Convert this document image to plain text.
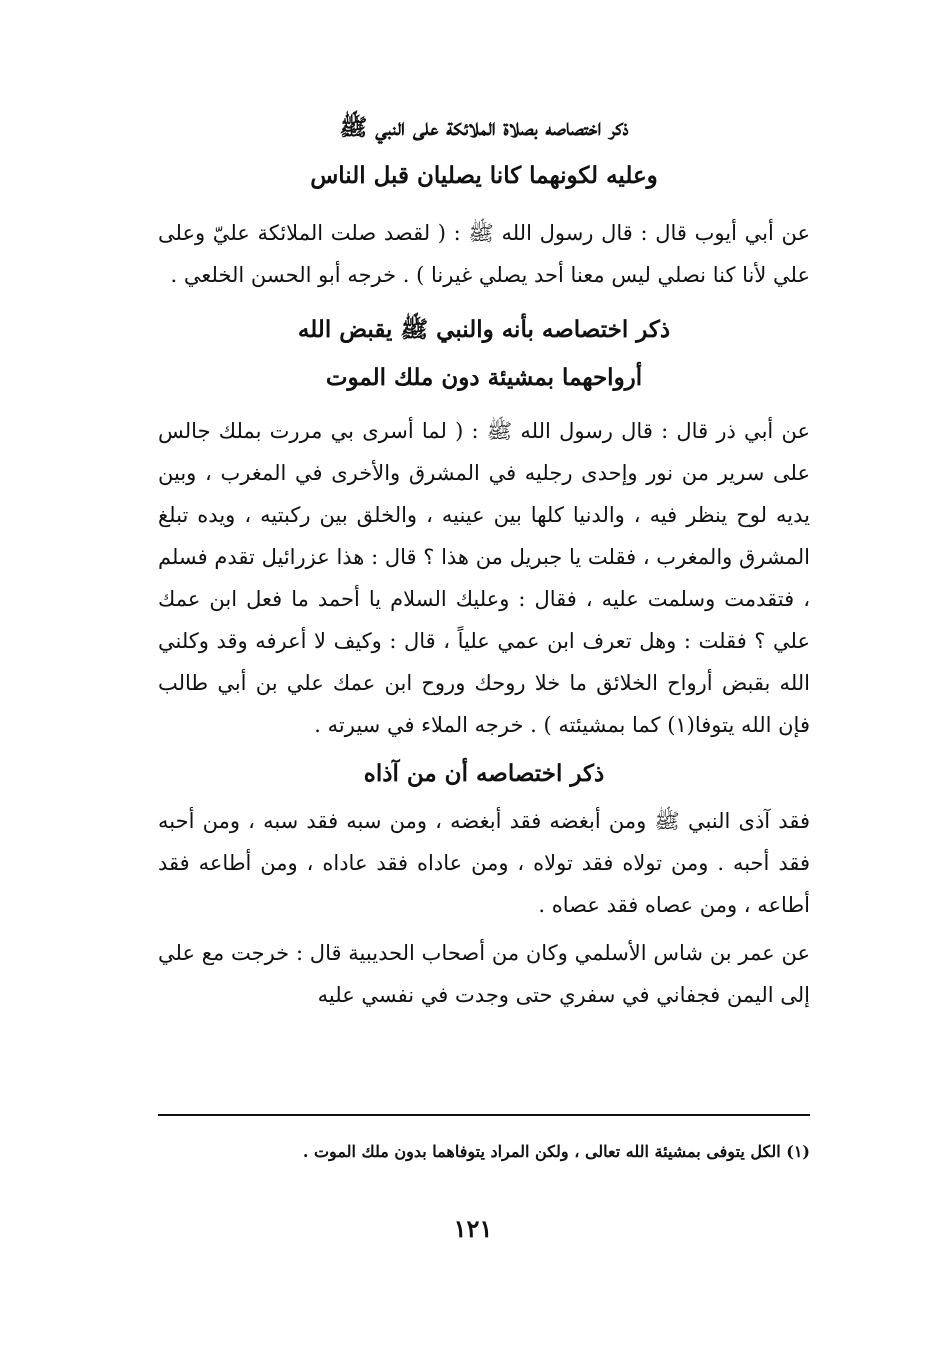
ذكر اختصاصه بصلاة الملائكة على النبي ﷺ
وعليه لكونهما كانا يصليان قبل الناس

عن أبي أيوب قال : قال رسول الله ﷺ : ( لقصد صلت الملائكة عليّ وعلى علي لأنا كنا نصلي ليس معنا أحد يصلي غيرنا ) . خرجه أبو الحسن الخلعي .

ذكر اختصاصه بأنه والنبي ﷺ يقبض الله
أرواحهما بمشيئة دون ملك الموت

عن أبي ذر قال : قال رسول الله ﷺ : ( لما أسرى بي مررت بملك جالس على سرير من نور وإحدى رجليه في المشرق والأخرى في المغرب ، وبين يديه لوح ينظر فيه ، والدنيا كلها بين عينيه ، والخلق بين ركبتيه ، ويده تبلغ المشرق والمغرب ، فقلت يا جبريل من هذا ؟ قال : هذا عزرائيل تقدم فسلم ، فتقدمت وسلمت عليه ، فقال : وعليك السلام يا أحمد ما فعل ابن عمك علي ؟ فقلت : وهل تعرف ابن عمي علياً ، قال : وكيف لا أعرفه وقد وكلني الله بقبض أرواح الخلائق ما خلا روحك وروح ابن عمك علي بن أبي طالب فإن الله يتوفا(١) كما بمشيئته ) . خرجه الملاء في سيرته .

ذكر اختصاصه أن من آذاه

فقد آذى النبي ﷺ ومن أبغضه فقد أبغضه ، ومن سبه فقد سبه ، ومن أحبه فقد أحبه . ومن تولاه فقد تولاه ، ومن عاداه فقد عاداه ، ومن أطاعه فقد أطاعه ، ومن عصاه فقد عصاه .

عن عمر بن شاس الأسلمي وكان من أصحاب الحديبية قال : خرجت مع علي إلى اليمن فجفاني في سفري حتى وجدت في نفسي عليه

(١) الكل يتوفى بمشيئة الله تعالى ، ولكن المراد يتوفاهما بدون ملك الموت .
١٢١
